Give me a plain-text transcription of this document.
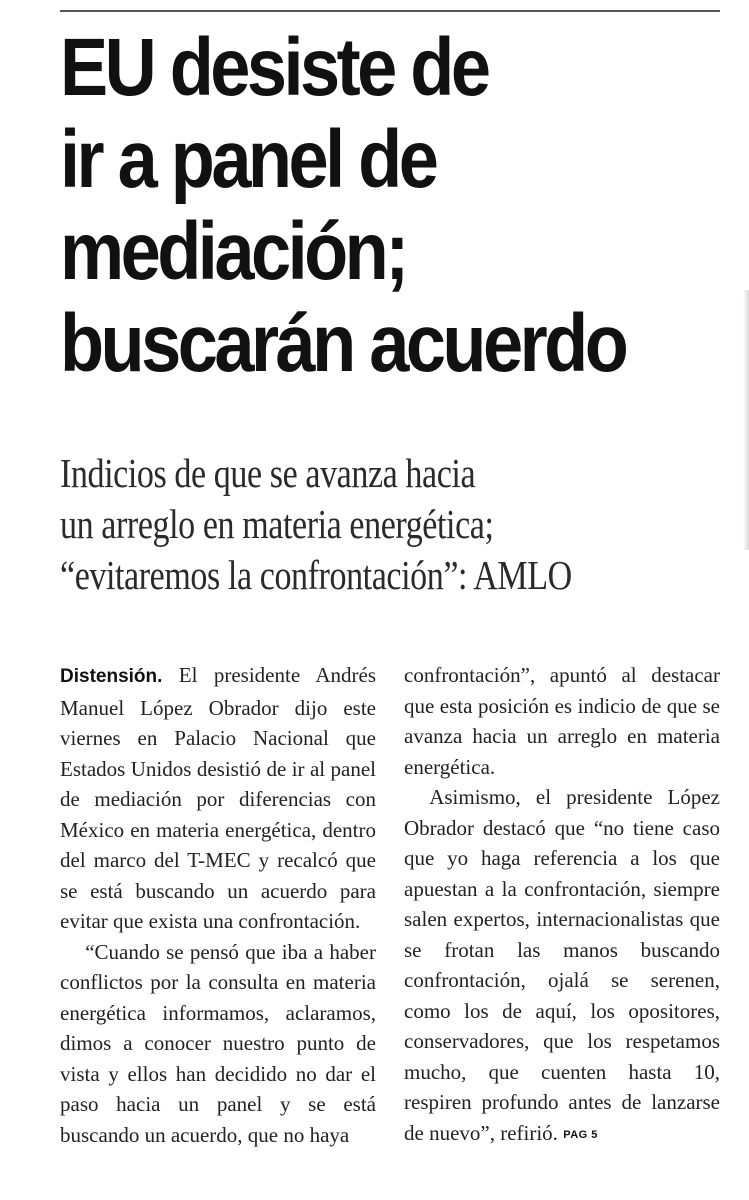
EU desiste de
ir a panel de
mediación;
buscarán acuerdo
Indicios de que se avanza hacia
un arreglo en materia energética;
“evitaremos la confrontación”: AMLO

Distensión. El presidente Andrés Manuel López Obrador dijo este viernes en Palacio Nacional que Estados Unidos desistió de ir al panel de mediación por diferencias con México en materia energética, dentro del marco del T-MEC y recalcó que se está buscando un acuerdo para evitar que exista una confrontación.

“Cuando se pensó que iba a haber conflictos por la consulta en materia energética informamos, aclaramos, dimos a conocer nuestro punto de vista y ellos han decidido no dar el paso hacia un panel y se está buscando un acuerdo, que no haya

confrontación”, apuntó al destacar que esta posición es indicio de que se avanza hacia un arreglo en materia energética.

Asimismo, el presidente López Obrador destacó que “no tiene caso que yo haga referencia a los que apuestan a la confrontación, siempre salen expertos, internacionalistas que se frotan las manos buscando confrontación, ojalá se serenen, como los de aquí, los opositores, conservadores, que los respetamos mucho, que cuenten hasta 10, respiren profundo antes de lanzarse de nuevo”, refirió. PAG 5
